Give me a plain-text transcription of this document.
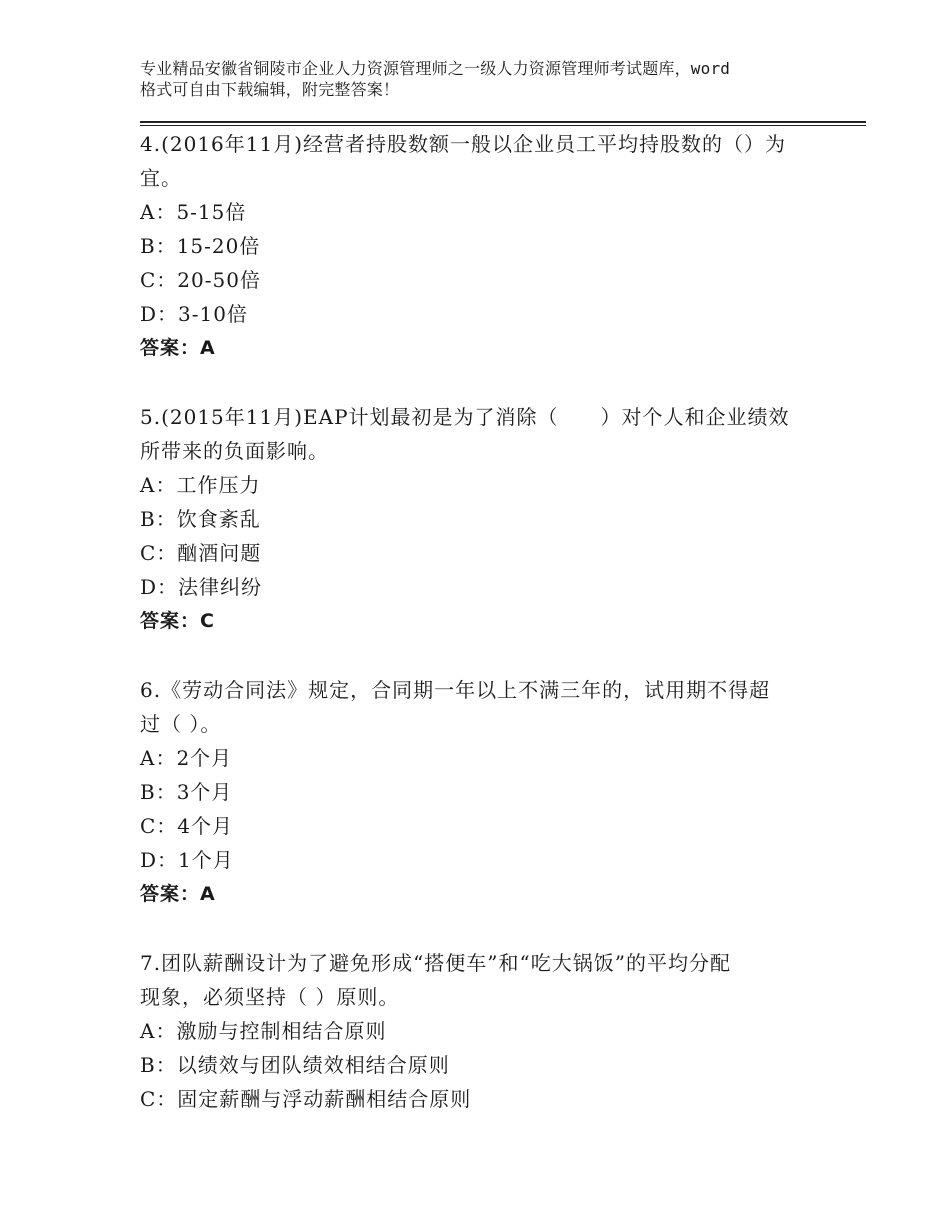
专业精品安徽省铜陵市企业人力资源管理师之一级人力资源管理师考试题库，word
格式可自由下载编辑，附完整答案！

4.(2016年11月)经营者持股数额一般以企业员工平均持股数的（）为

宜。

A：5-15倍

B：15-20倍

C：20-50倍

D：3-10倍

答案：A

5.(2015年11月)EAP计划最初是为了消除（　　）对个人和企业绩效

所带来的负面影响。

A：工作压力

B：饮食紊乱

C：酗酒问题

D：法律纠纷

答案：C

6.《劳动合同法》规定，合同期一年以上不满三年的，试用期不得超

过（ ）。

A：2个月

B：3个月

C：4个月

D：1个月

答案：A

7.团队薪酬设计为了避免形成“搭便车”和“吃大锅饭”的平均分配

现象，必须坚持（ ）原则。

A：激励与控制相结合原则

B：以绩效与团队绩效相结合原则

C：固定薪酬与浮动薪酬相结合原则
